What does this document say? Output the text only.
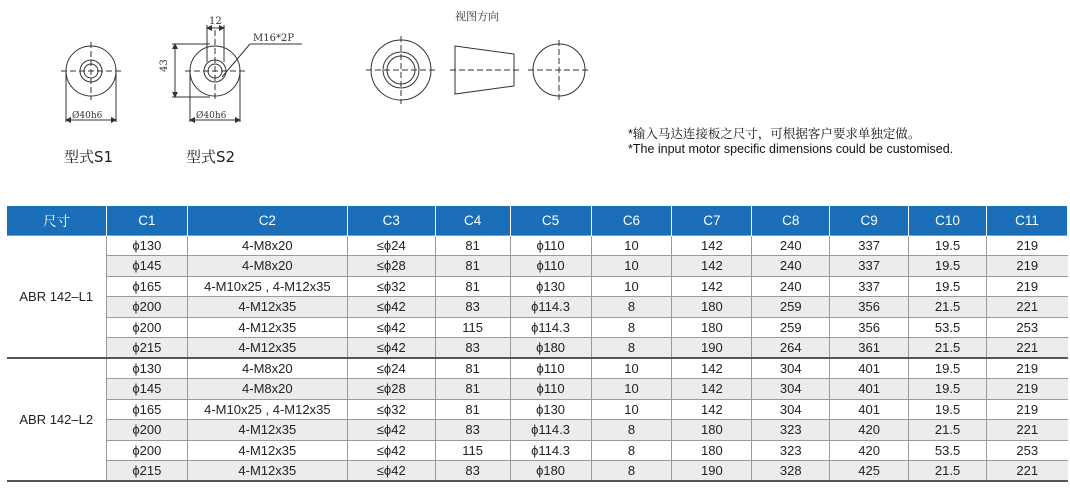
Ø40h6
12
43
M16*2P
Ø40h6
视图方向
型式S1	型式S2
*输入马达连接板之尺寸，可根据客户要求单独定做。
*The input motor specific dimensions could be customised.
尺寸	C1	C2	C3	C4	C5	C6	C7	C8	C9	C10	C11
ABR 142–L1	ϕ130	4-M8x20	≤ϕ24	81	ϕ110	10	142	240	337	19.5	219
	ϕ145	4-M8x20	≤ϕ28	81	ϕ110	10	142	240	337	19.5	219
	ϕ165	4-M10x25 , 4-M12x35	≤ϕ32	81	ϕ130	10	142	240	337	19.5	219
	ϕ200	4-M12x35	≤ϕ42	83	ϕ114.3	8	180	259	356	21.5	221
	ϕ200	4-M12x35	≤ϕ42	115	ϕ114.3	8	180	259	356	53.5	253
	ϕ215	4-M12x35	≤ϕ42	83	ϕ180	8	190	264	361	21.5	221
ABR 142–L2	ϕ130	4-M8x20	≤ϕ24	81	ϕ110	10	142	304	401	19.5	219
	ϕ145	4-M8x20	≤ϕ28	81	ϕ110	10	142	304	401	19.5	219
	ϕ165	4-M10x25 , 4-M12x35	≤ϕ32	81	ϕ130	10	142	304	401	19.5	219
	ϕ200	4-M12x35	≤ϕ42	83	ϕ114.3	8	180	323	420	21.5	221
	ϕ200	4-M12x35	≤ϕ42	115	ϕ114.3	8	180	323	420	53.5	253
	ϕ215	4-M12x35	≤ϕ42	83	ϕ180	8	190	328	425	21.5	221
